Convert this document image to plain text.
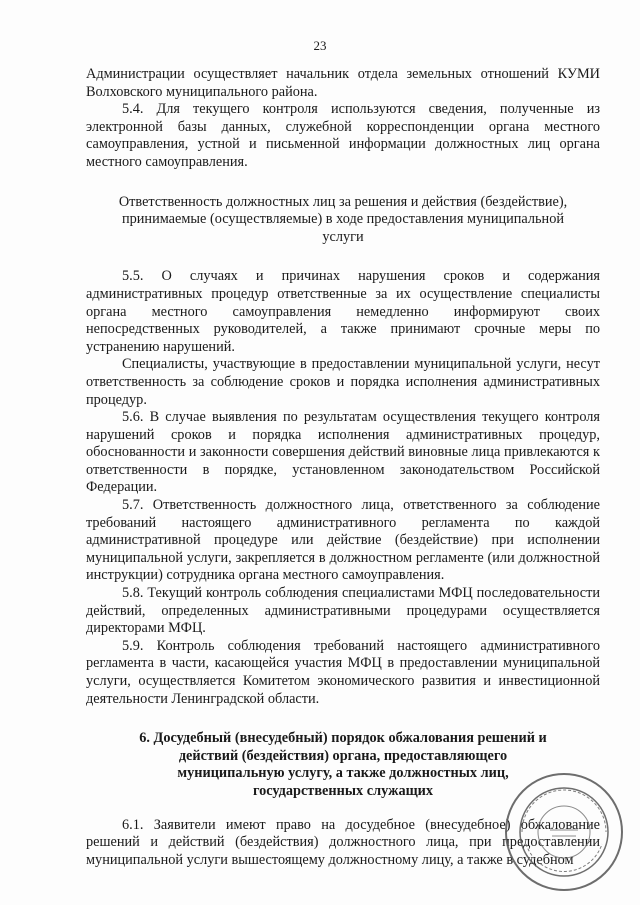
23

Администрации осуществляет начальник отдела земельных отношений КУМИ Волховского муниципального района.

5.4. Для текущего контроля используются сведения, полученные из электронной базы данных, служебной корреспонденции органа местного самоуправления, устной и письменной информации должностных лиц органа местного самоуправления.

Ответственность должностных лиц за решения и действия (бездействие), принимаемые (осуществляемые) в ходе предоставления муниципальной услуги

5.5. О случаях и причинах нарушения сроков и содержания административных процедур ответственные за их осуществление специалисты органа местного самоуправления немедленно информируют своих непосредственных руководителей, а также принимают срочные меры по устранению нарушений.

Специалисты, участвующие в предоставлении муниципальной услуги, несут ответственность за соблюдение сроков и порядка исполнения административных процедур.

5.6. В случае выявления по результатам осуществления текущего контроля нарушений сроков и порядка исполнения административных процедур, обоснованности и законности совершения действий виновные лица привлекаются к ответственности в порядке, установленном законодательством Российской Федерации.

5.7. Ответственность должностного лица, ответственного за соблюдение требований настоящего административного регламента по каждой административной процедуре или действие (бездействие) при исполнении муниципальной услуги, закрепляется в должностном регламенте (или должностной инструкции) сотрудника органа местного самоуправления.

5.8. Текущий контроль соблюдения специалистами МФЦ последовательности действий, определенных административными процедурами осуществляется директорами МФЦ.

5.9. Контроль соблюдения требований настоящего административного регламента в части, касающейся участия МФЦ в предоставлении муниципальной услуги, осуществляется Комитетом экономического развития и инвестиционной деятельности Ленинградской области.

6. Досудебный (внесудебный) порядок обжалования решений и действий (бездействия) органа, предоставляющего муниципальную услугу, а также должностных лиц, государственных служащих

6.1. Заявители имеют право на досудебное (внесудебное) обжалование решений и действий (бездействия) должностного лица, при предоставлении муниципальной услуги вышестоящему должностному лицу, а также в судебном
